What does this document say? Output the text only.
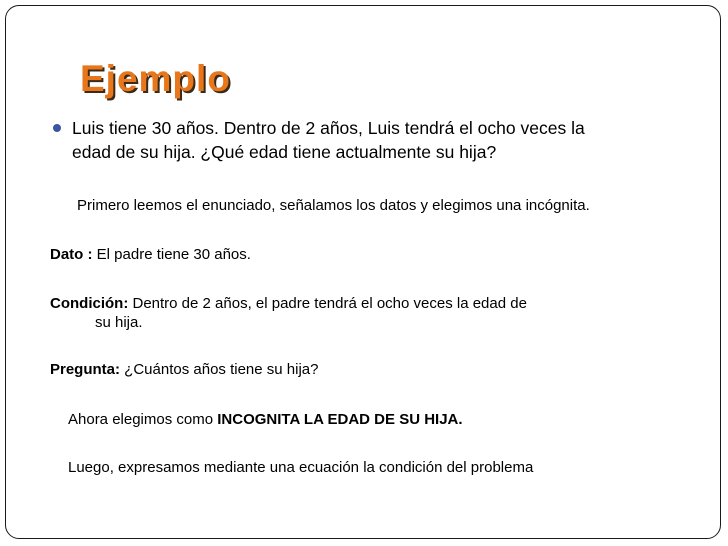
Ejemplo
Luis tiene 30 años. Dentro de 2 años, Luis tendrá el ocho veces la
edad de su hija. ¿Qué edad tiene actualmente su hija?
Primero leemos el enunciado, señalamos los datos y elegimos una incógnita.
Dato : El padre tiene 30 años.
Condición: Dentro de 2 años, el padre tendrá el ocho veces la edad de
su hija.
Pregunta: ¿Cuántos años tiene su hija?
Ahora elegimos como INCOGNITA LA EDAD DE SU HIJA.
Luego, expresamos mediante una ecuación la condición del problema
